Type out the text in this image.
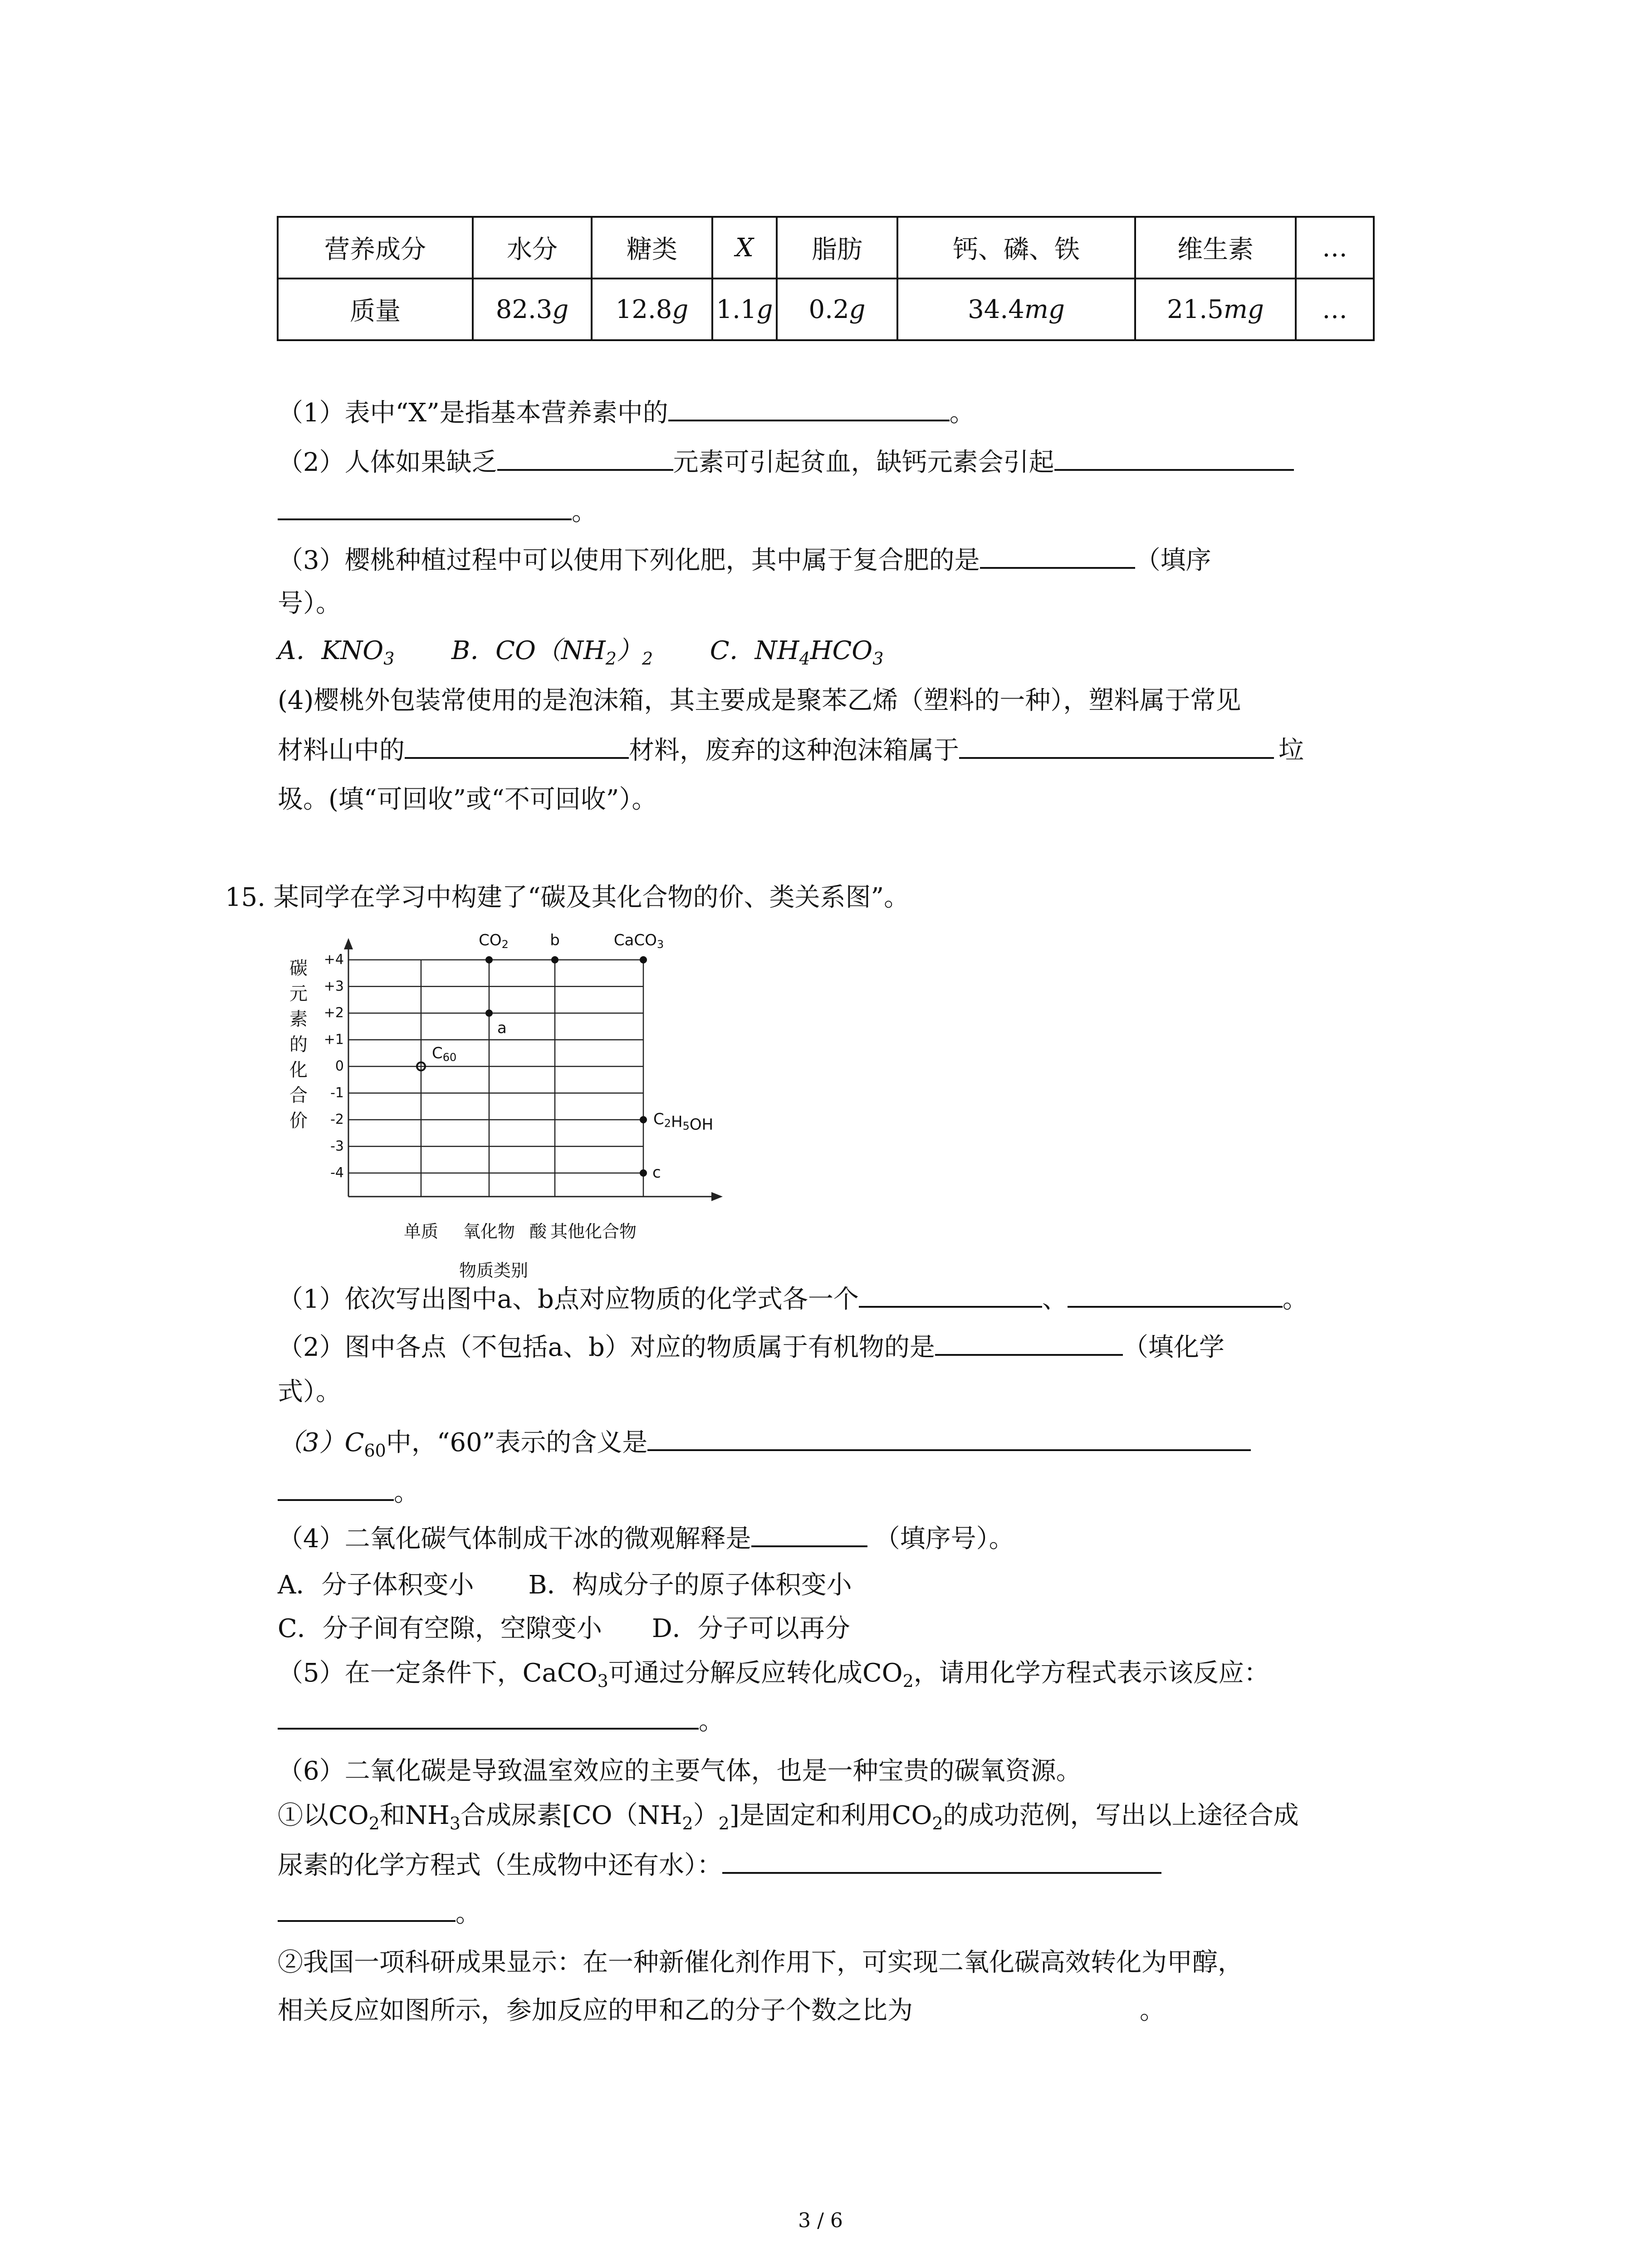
营养成分	水分	糖类	X	脂肪	钙、磷、铁	维生素	…
质量	82.3g	12.8g	1.1g	0.2g	34.4mg	21.5mg	…
（1）表中“X”是指基本营养素中的	。
（2）人体如果缺乏	元素可引起贫血，缺钙元素会引起
。
（3）樱桃种植过程中可以使用下列化肥，其中属于复合肥的是	（填序
号）。
A．$KNO_3$ B．$CO(NH_2)_2$ C．$NH_4HCO_3$
(4)樱桃外包装常使用的是泡沫箱，其主要成是聚苯乙烯（塑料的一种），塑料属于常见
材料山中的	材料，废弃的这种泡沫箱属于	垃
圾。(填“可回收”或“不可回收”）。
15. 某同学在学习中构建了“碳及其化合物的价、类关系图”。
+4
+3
+2
+1
0
-1
-2
-3
-4
单质 氧化物 酸 其他化合物
碳
元
素
的
化
合
价
物质类别
C60
CO2
a
b	CaCO3
C2H5OH
c
（1）依次写出图中a、b点对应物质的化学式各一个	、	。
（2）图中各点（不包括a、b）对应的物质属于有机物的是	（填化学
式）。
$(3)C_{60}$中，“60”表示的含义是
。
（4）二氧化碳气体制成干冰的微观解释是	（填序号）。
A．分子体积变小 B．构成分子的原子体积变小
C．分子间有空隙，空隙变小 D．分子可以再分
（5）在一定条件下，CaCO$_3$可通过分解反应转化成$CO_2$，请用化学方程式表示该反应：
。
（6）二氧化碳是导致温室效应的主要气体，也是一种宝贵的碳氧资源。
①以$CO_2$和$NH_3$合成尿素$[CO(NH_2)_2]$是固定和利用$CO_2$的成功范例，写出以上途径合成
尿素的化学方程式（生成物中还有水）：
。
②我国一项科研成果显示：在一种新催化剂作用下，可实现二氧化碳高效转化为甲醇，
相关反应如图所示，参加反应的甲和乙的分子个数之比为	。
3 / 6
